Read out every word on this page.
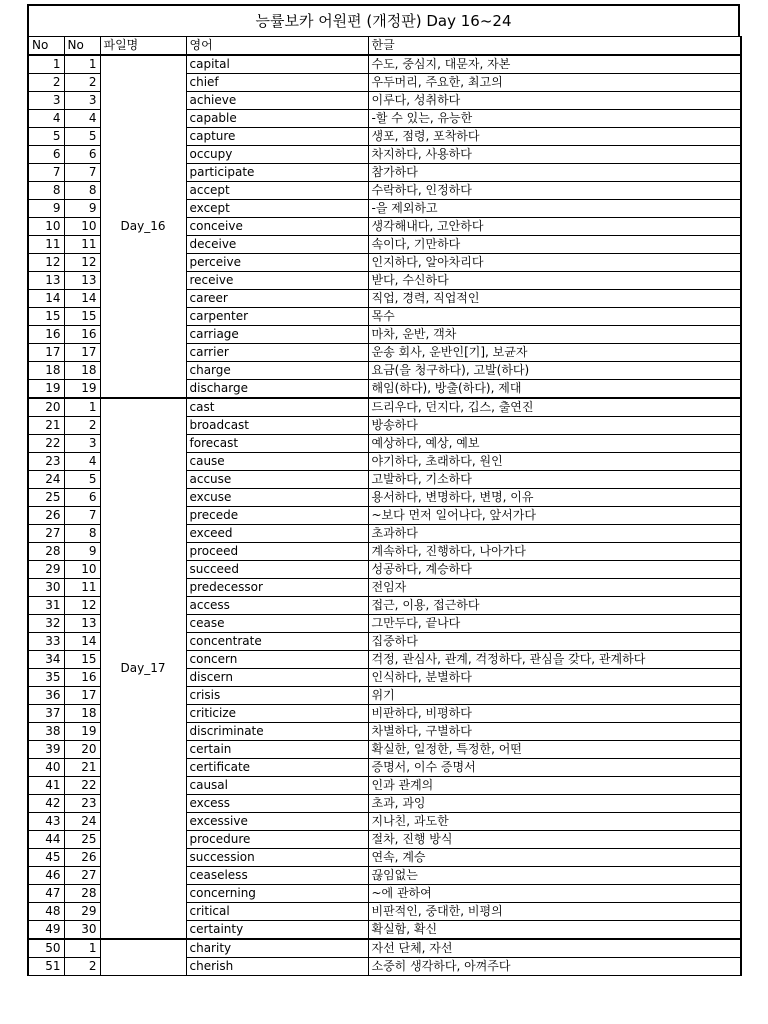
능률보카 어원편 (개정판) Day 16~24
No	No	파일명	영어	한글
1	1	Day_16	capital	수도, 중심지, 대문자, 자본
2	2		chief	우두머리, 주요한, 최고의
3	3		achieve	이루다, 성취하다
4	4		capable	-할 수 있는, 유능한
5	5		capture	생포, 점령, 포착하다
6	6		occupy	차지하다, 사용하다
7	7		participate	참가하다
8	8		accept	수락하다, 인정하다
9	9		except	-을 제외하고
10	10		conceive	생각해내다, 고안하다
11	11		deceive	속이다, 기만하다
12	12		perceive	인지하다, 알아차리다
13	13		receive	받다, 수신하다
14	14		career	직업, 경력, 직업적인
15	15		carpenter	목수
16	16		carriage	마차, 운반, 객차
17	17		carrier	운송 회사, 운반인[기], 보균자
18	18		charge	요금(을 청구하다), 고발(하다)
19	19		discharge	해임(하다), 방출(하다), 제대
20	1	Day_17	cast	드리우다, 던지다, 깁스, 출연진
21	2		broadcast	방송하다
22	3		forecast	예상하다, 예상, 예보
23	4		cause	야기하다, 초래하다, 원인
24	5		accuse	고발하다, 기소하다
25	6		excuse	용서하다, 변명하다, 변명, 이유
26	7		precede	~보다 먼저 일어나다, 앞서가다
27	8		exceed	초과하다
28	9		proceed	계속하다, 진행하다, 나아가다
29	10		succeed	성공하다, 계승하다
30	11		predecessor	전임자
31	12		access	접근, 이용, 접근하다
32	13		cease	그만두다, 끝나다
33	14		concentrate	집중하다
34	15		concern	걱정, 관심사, 관계, 걱정하다, 관심을 갖다, 관계하다
35	16		discern	인식하다, 분별하다
36	17		crisis	위기
37	18		criticize	비판하다, 비평하다
38	19		discriminate	차별하다, 구별하다
39	20		certain	확실한, 일정한, 특정한, 어떤
40	21		certificate	증명서, 이수 증명서
41	22		causal	인과 관계의
42	23		excess	초과, 과잉
43	24		excessive	지나친, 과도한
44	25		procedure	절차, 진행 방식
45	26		succession	연속, 계승
46	27		ceaseless	끊임없는
47	28		concerning	~에 관하여
48	29		critical	비판적인, 중대한, 비평의
49	30		certainty	확실함, 확신
50	1		charity	자선 단체, 자선
51	2		cherish	소중히 생각하다, 아껴주다
